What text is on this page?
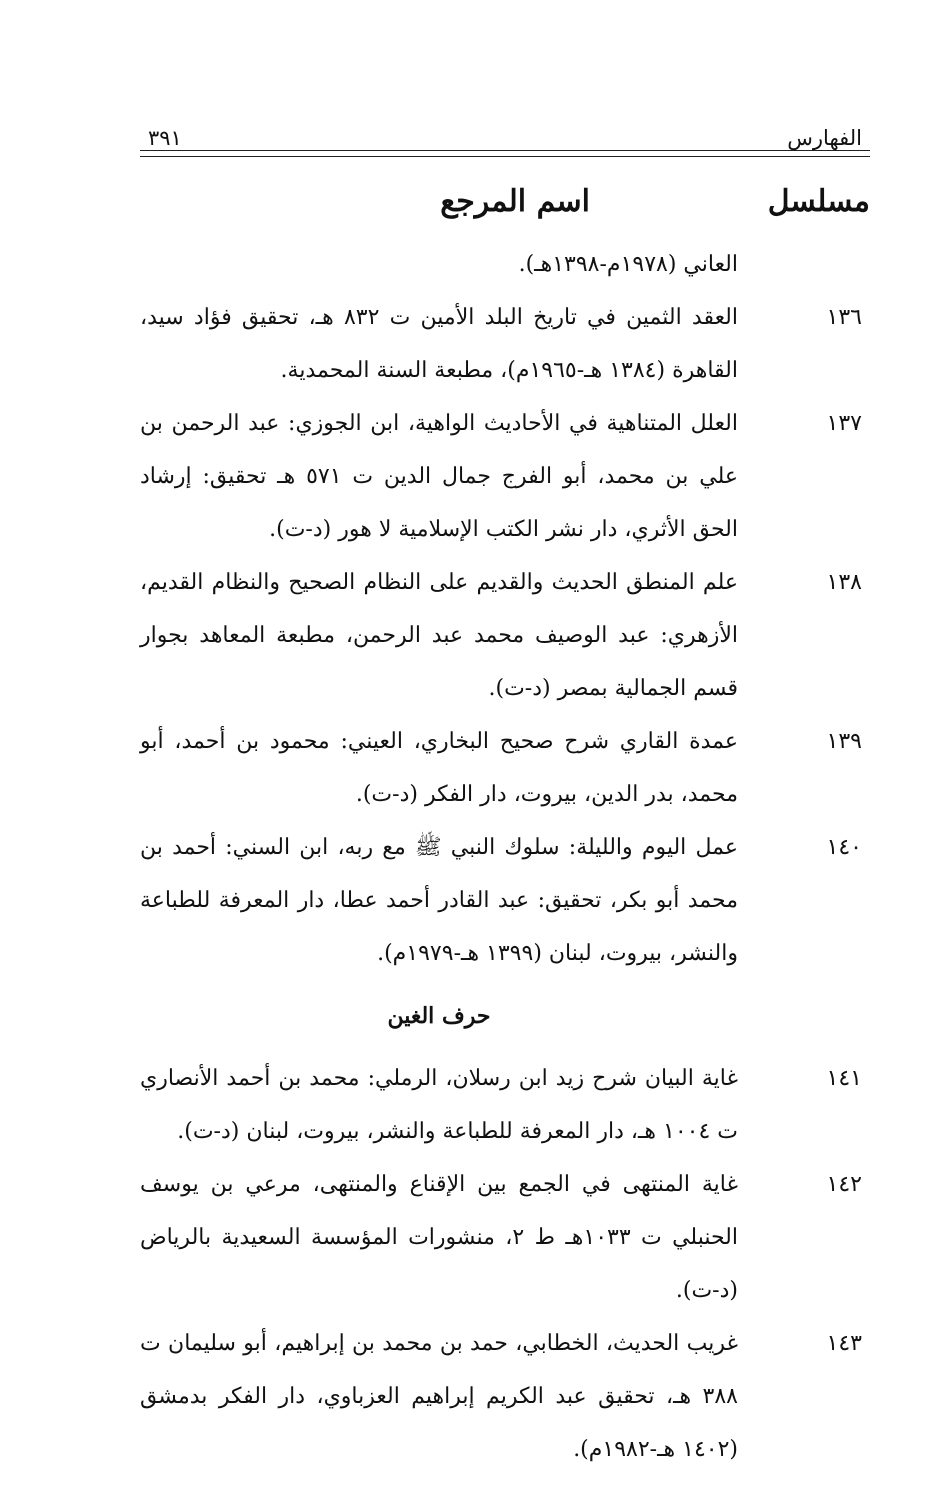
الفهارس
٣٩١
مسلسل
اسم المرجع
العاني (١٩٧٨م-١٣٩٨هـ).
١٣٦
العقد الثمين في تاريخ البلد الأمين ت ٨٣٢ هـ، تحقيق فؤاد سيد، القاهرة (١٣٨٤ هـ-١٩٦٥م)، مطبعة السنة المحمدية.
١٣٧
العلل المتناهية في الأحاديث الواهية، ابن الجوزي: عبد الرحمن بن علي بن محمد، أبو الفرج جمال الدين ت ٥٧١ هـ تحقيق: إرشاد الحق الأثري، دار نشر الكتب الإسلامية لا هور (د-ت).
١٣٨
علم المنطق الحديث والقديم على النظام الصحيح والنظام القديم، الأزهري: عبد الوصيف محمد عبد الرحمن، مطبعة المعاهد بجوار قسم الجمالية بمصر (د-ت).
١٣٩
عمدة القاري شرح صحيح البخاري، العيني: محمود بن أحمد، أبو محمد، بدر الدين، بيروت، دار الفكر (د-ت).
١٤٠
عمل اليوم والليلة: سلوك النبي ﷺ مع ربه، ابن السني: أحمد بن محمد أبو بكر، تحقيق: عبد القادر أحمد عطا، دار المعرفة للطباعة والنشر، بيروت، لبنان (١٣٩٩ هـ-١٩٧٩م).
حرف الغين
١٤١
غاية البيان شرح زيد ابن رسلان، الرملي: محمد بن أحمد الأنصاري ت ١٠٠٤ هـ، دار المعرفة للطباعة والنشر، بيروت، لبنان (د-ت).
١٤٢
غاية المنتهى في الجمع بين الإقناع والمنتهى، مرعي بن يوسف الحنبلي ت ١٠٣٣هـ ط ٢، منشورات المؤسسة السعيدية بالرياض (د-ت).
١٤٣
غريب الحديث، الخطابي، حمد بن محمد بن إبراهيم، أبو سليمان ت ٣٨٨ هـ، تحقيق عبد الكريم إبراهيم العزباوي، دار الفكر بدمشق (١٤٠٢ هـ-١٩٨٢م).
